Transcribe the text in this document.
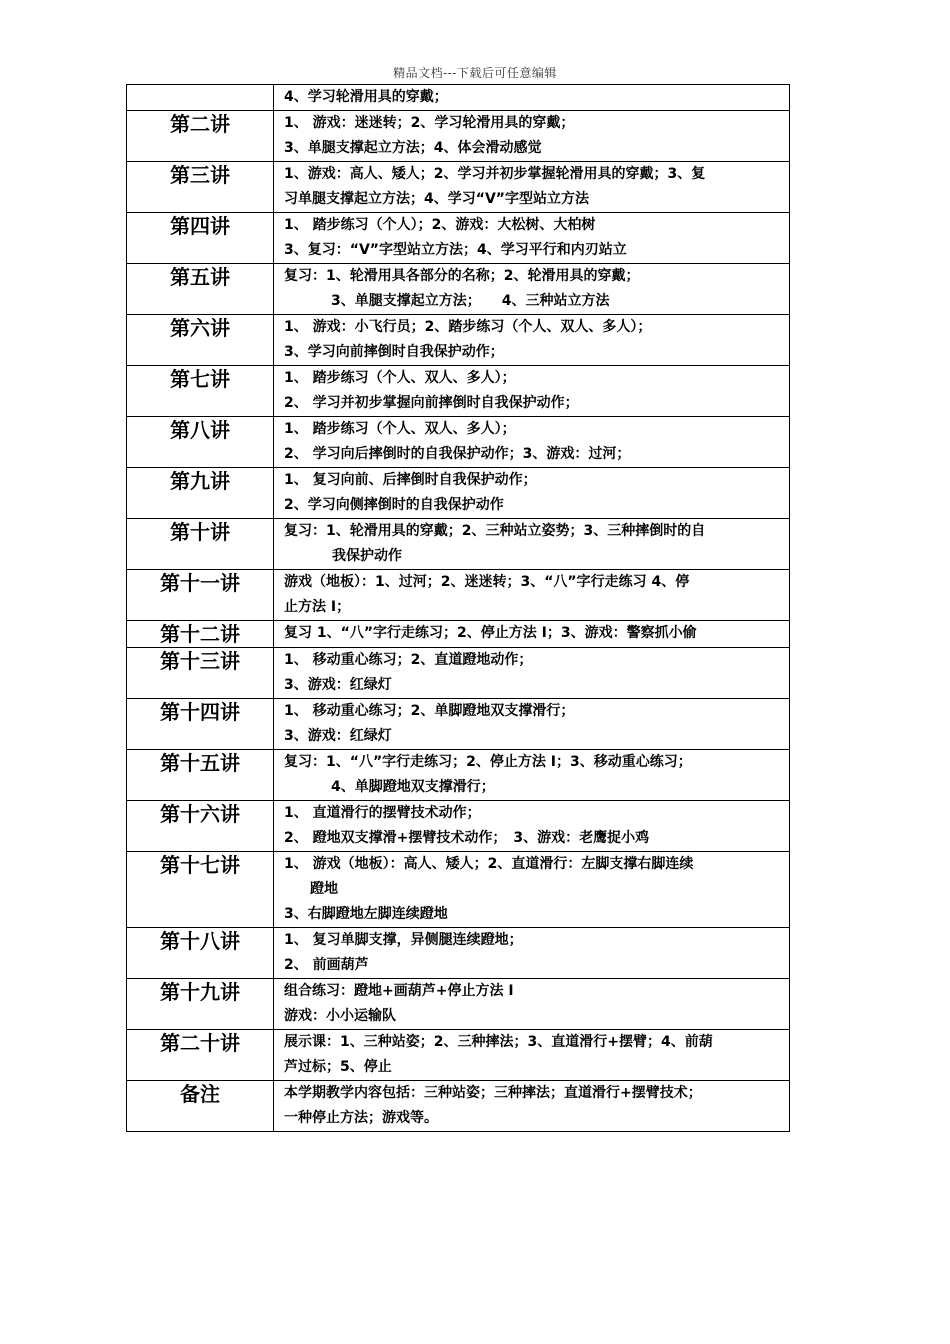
精品文档---下载后可任意编辑

	4、学习轮滑用具的穿戴；

第二讲	1、 游戏：迷迷转；2、学习轮滑用具的穿戴；
3、单腿支撑起立方法；4、体会滑动感觉

第三讲	1、游戏：高人、矮人；2、学习并初步掌握轮滑用具的穿戴；3、复
习单腿支撑起立方法；4、学习“V”字型站立方法

第四讲	1、 踏步练习（个人）；2、游戏：大松树、大柏树
3、复习：“V”字型站立方法；4、学习平行和内刃站立

第五讲	复习：1、轮滑用具各部分的名称；2、轮滑用具的穿戴；
3、单腿支撑起立方法；　　4、三种站立方法

第六讲	1、 游戏：小飞行员；2、踏步练习（个人、双人、多人）；
3、学习向前摔倒时自我保护动作；

第七讲	1、 踏步练习（个人、双人、多人）；
2、 学习并初步掌握向前摔倒时自我保护动作；

第八讲	1、 踏步练习（个人、双人、多人）；
2、 学习向后摔倒时的自我保护动作；3、游戏：过河；

第九讲	1、 复习向前、后摔倒时自我保护动作；
2、学习向侧摔倒时的自我保护动作

第十讲	复习：1、轮滑用具的穿戴；2、三种站立姿势；3、三种摔倒时的自
我保护动作

第十一讲	游戏（地板）：1、过河；2、迷迷转；3、“八”字行走练习 4、停
止方法 I；

第十二讲	复习 1、“八”字行走练习；2、停止方法 I；3、游戏：警察抓小偷

第十三讲	1、 移动重心练习；2、直道蹬地动作；
3、游戏：红绿灯

第十四讲	1、 移动重心练习；2、单脚蹬地双支撑滑行；
3、游戏：红绿灯

第十五讲	复习：1、“八”字行走练习；2、停止方法 I；3、移动重心练习；
4、单脚蹬地双支撑滑行；

第十六讲	1、 直道滑行的摆臂技术动作；
2、 蹬地双支撑滑+摆臂技术动作；　3、游戏：老鹰捉小鸡

第十七讲	1、 游戏（地板）：高人、矮人；2、直道滑行：左脚支撑右脚连续
蹬地
3、右脚蹬地左脚连续蹬地

第十八讲	1、 复习单脚支撑，异侧腿连续蹬地；
2、 前画葫芦

第十九讲	组合练习：蹬地+画葫芦+停止方法 I
游戏：小小运输队

第二十讲	展示课：1、三种站姿；2、三种摔法；3、直道滑行+摆臂；4、前葫
芦过标；5、停止

备注	本学期教学内容包括：三种站姿；三种摔法；直道滑行+摆臂技术；
一种停止方法；游戏等。
